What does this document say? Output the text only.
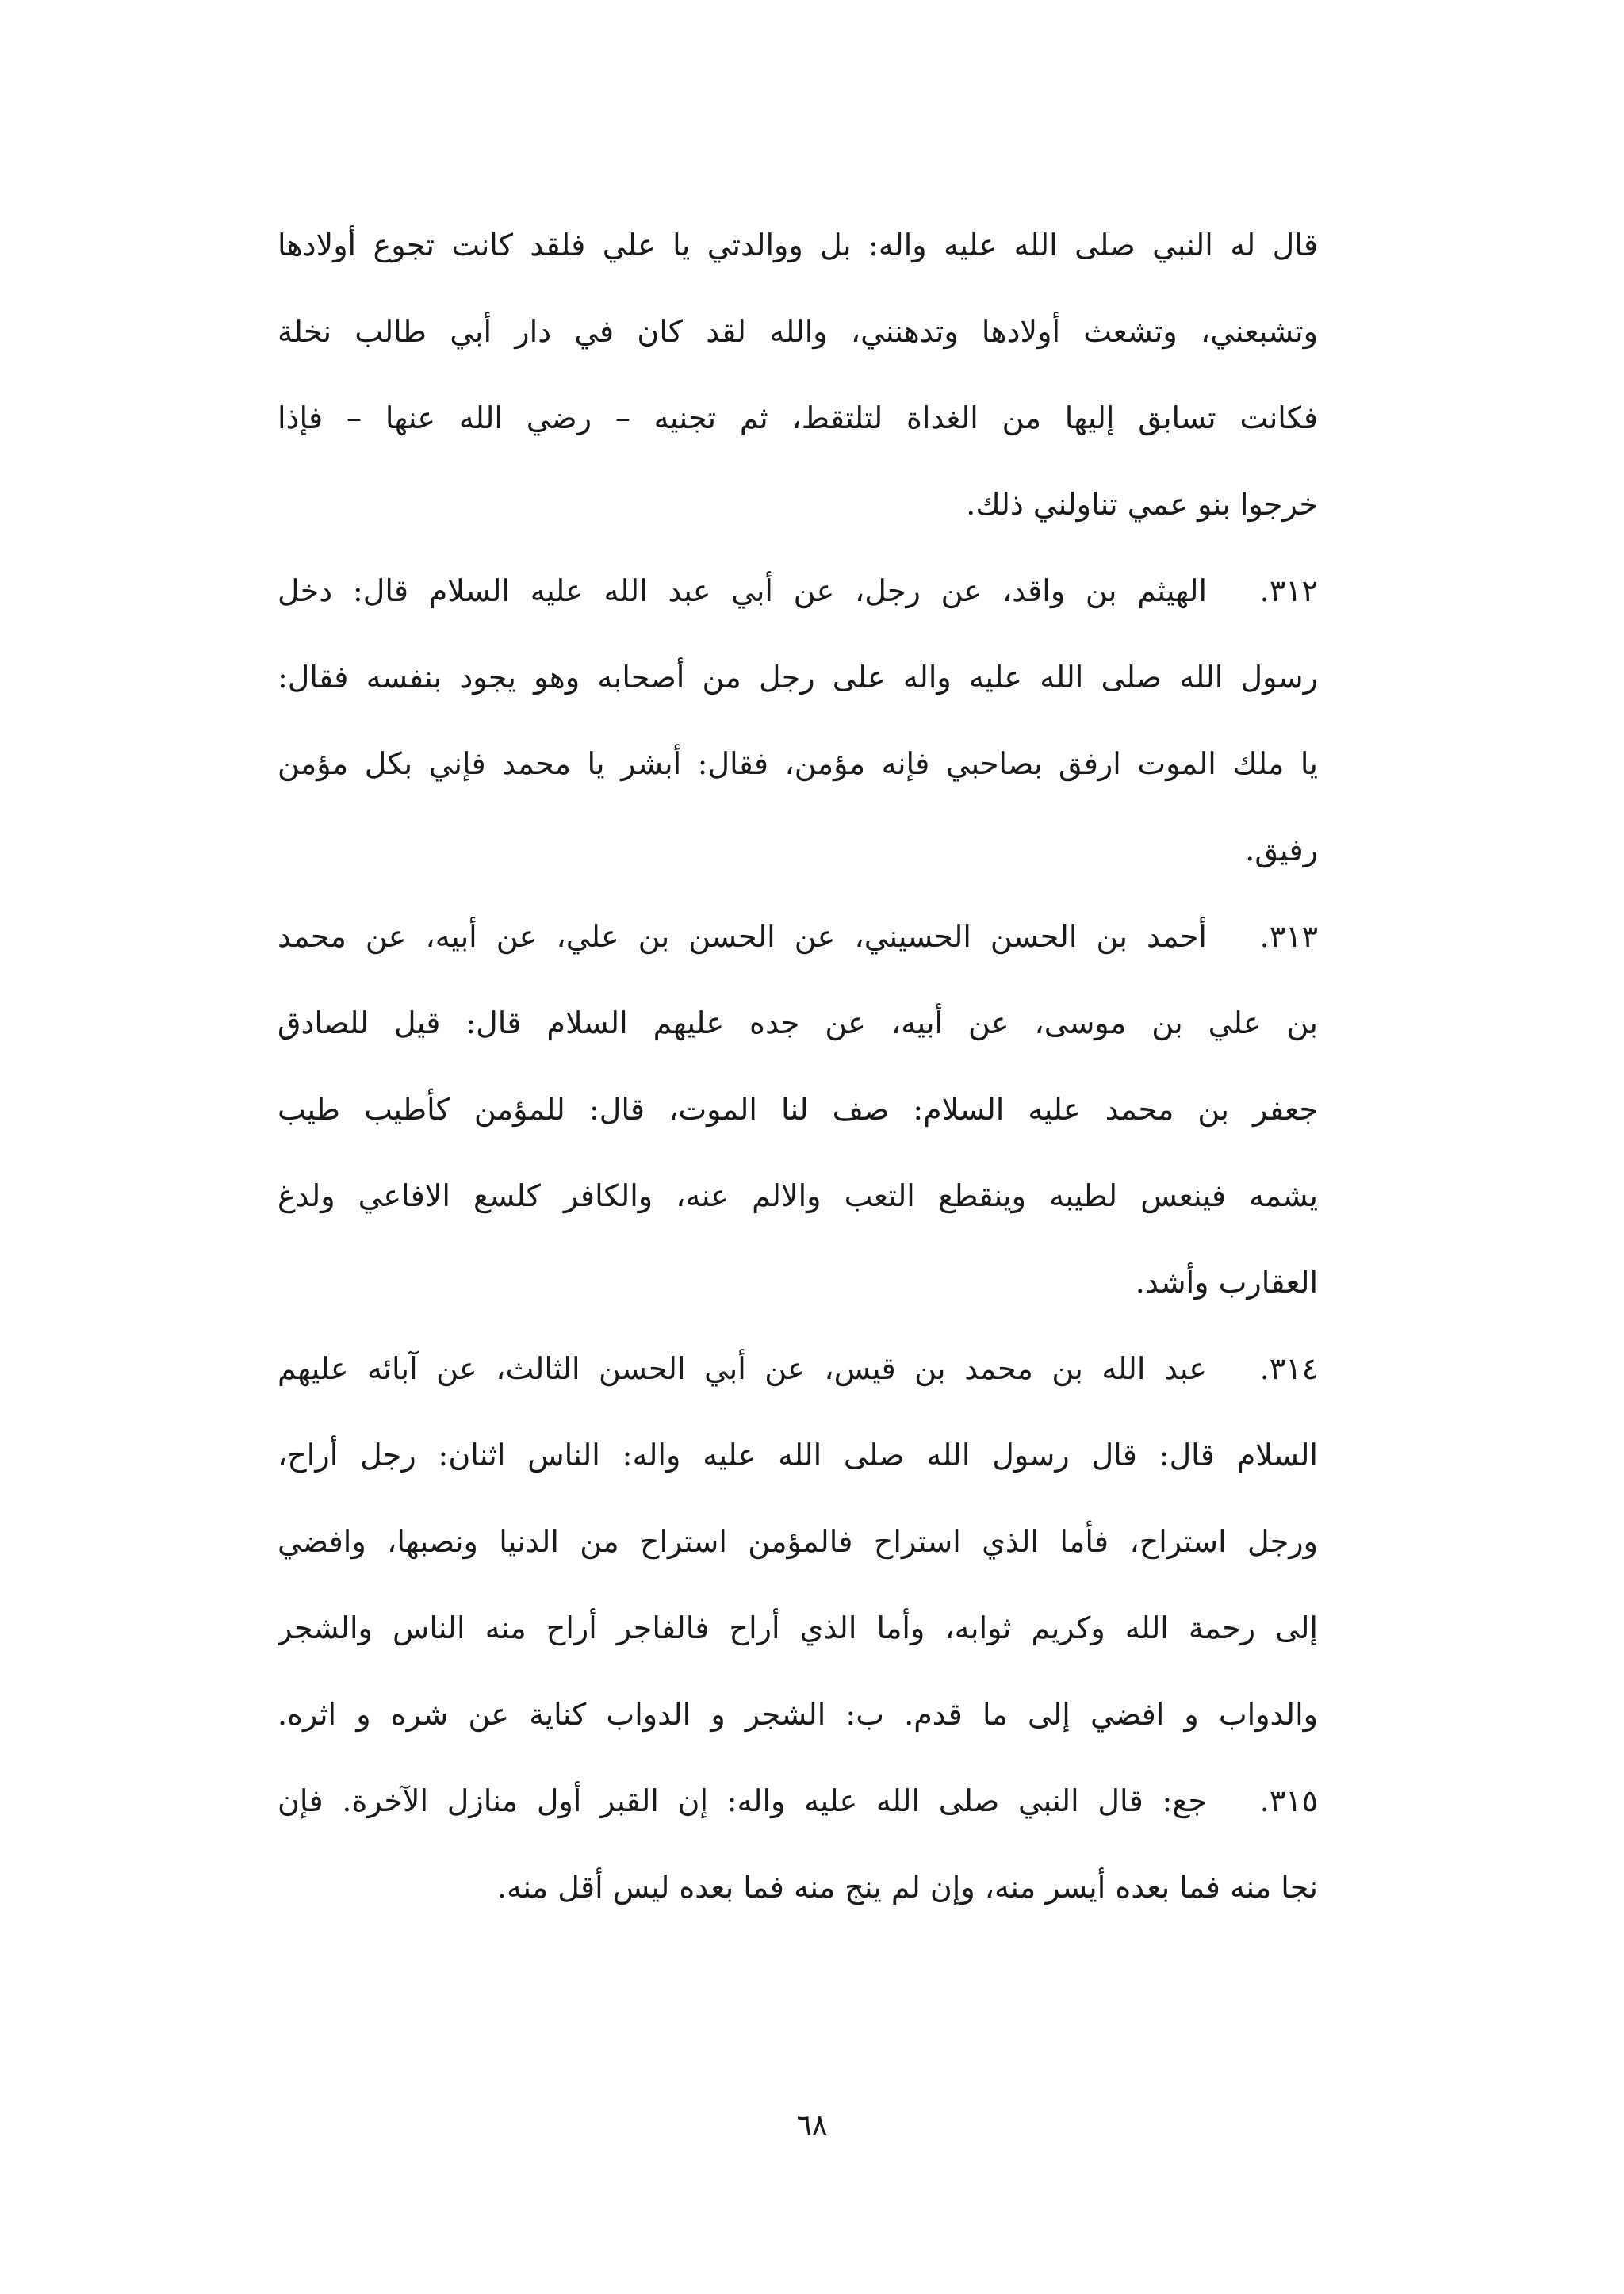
قال له النبي صلى الله عليه واله: بل ووالدتي يا علي فلقد كانت تجوع أولادها
وتشبعني، وتشعث أولادها وتدهنني، والله لقد كان في دار أبي طالب نخلة
فكانت تسابق إليها من الغداة لتلتقط، ثم تجنيه – رضي الله عنها – فإذا
خرجوا بنو عمي تناولني ذلك.
٣١٢.الهيثم بن واقد، عن رجل، عن أبي عبد الله عليه السلام قال: دخل
رسول الله صلى الله عليه واله على رجل من أصحابه وهو يجود بنفسه فقال:
يا ملك الموت ارفق بصاحبي فإنه مؤمن، فقال: أبشر يا محمد فإني بكل مؤمن
رفيق.
٣١٣.أحمد بن الحسن الحسيني، عن الحسن بن علي، عن أبيه، عن محمد
بن علي بن موسى، عن أبيه، عن جده عليهم السلام قال: قيل للصادق
جعفر بن محمد عليه السلام: صف لنا الموت، قال: للمؤمن كأطيب طيب
يشمه فينعس لطيبه وينقطع التعب والالم عنه، والكافر كلسع الافاعي ولدغ
العقارب وأشد.
٣١٤.عبد الله بن محمد بن قيس، عن أبي الحسن الثالث، عن آبائه عليهم
السلام قال: قال رسول الله صلى الله عليه واله: الناس اثنان: رجل أراح،
ورجل استراح، فأما الذي استراح فالمؤمن استراح من الدنيا ونصبها، وافضي
إلى رحمة الله وكريم ثوابه، وأما الذي أراح فالفاجر أراح منه الناس والشجر
والدواب و افضي إلى ما قدم. ب: الشجر و الدواب كناية عن شره و اثره.
٣١٥.جع: قال النبي صلى الله عليه واله: إن القبر أول منازل الآخرة. فإن
نجا منه فما بعده أيسر منه، وإن لم ينج منه فما بعده ليس أقل منه.
٦٨
